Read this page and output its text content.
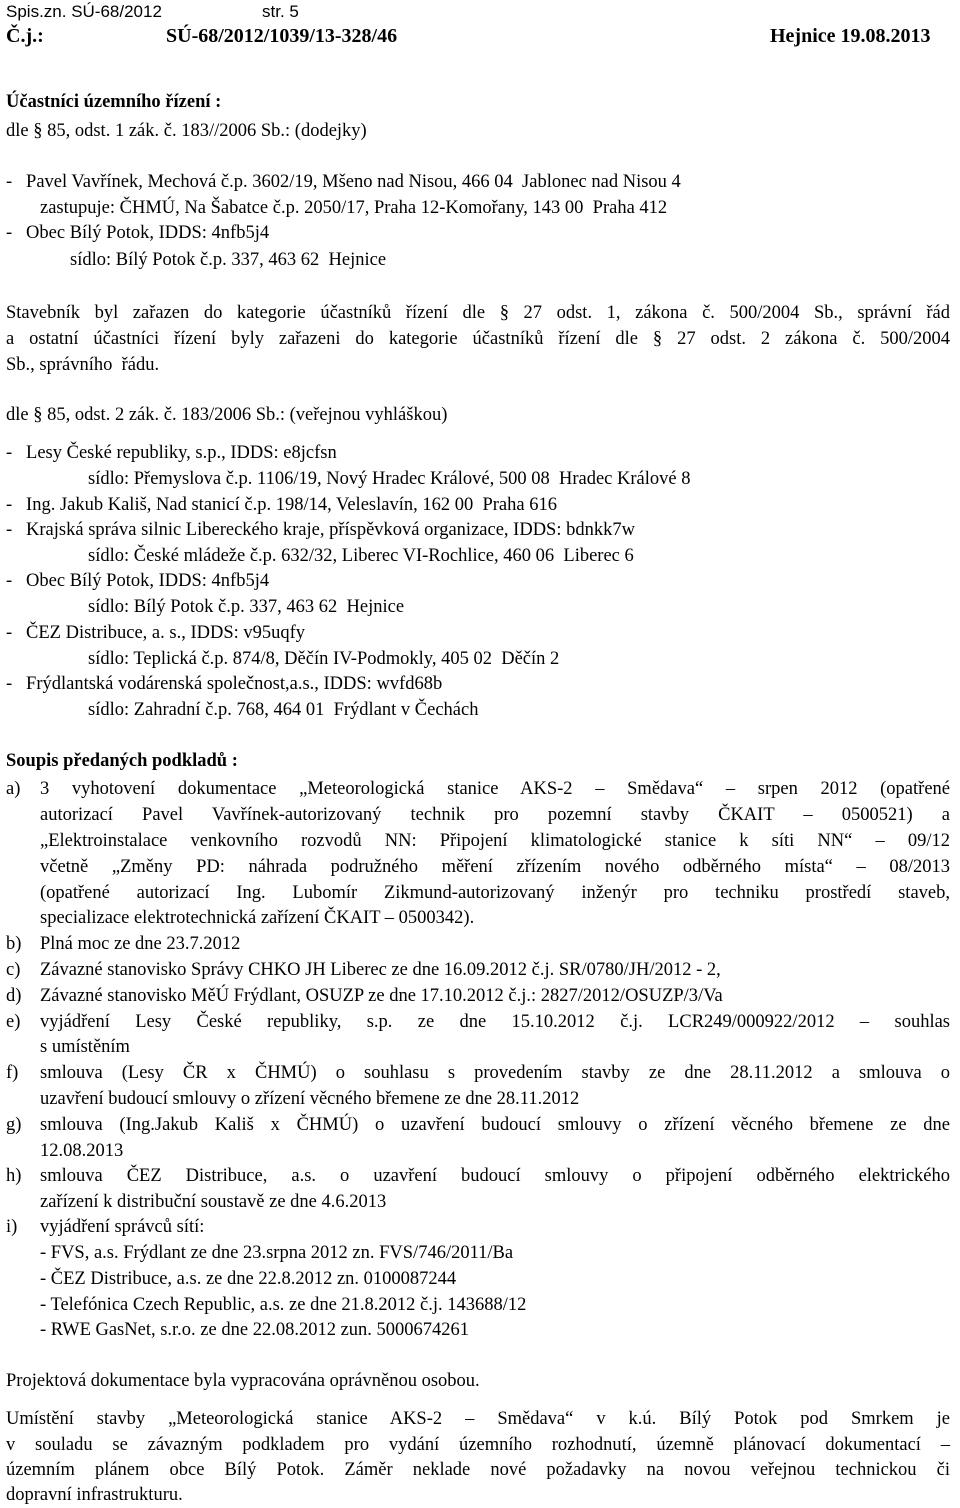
Spis.zn. SÚ-68/2012	str. 5
Č.j.:	SÚ-68/2012/1039/13-328/46	Hejnice 19.08.2013
Účastníci územního řízení :
dle § 85, odst. 1 zák. č. 183//2006 Sb.: (dodejky)
-   Pavel Vavřínek, Mechová č.p. 3602/19, Mšeno nad Nisou, 466 04  Jablonec nad Nisou 4
zastupuje: ČHMÚ, Na Šabatce č.p. 2050/17, Praha 12-Komořany, 143 00  Praha 412
-   Obec Bílý Potok, IDDS: 4nfb5j4
sídlo: Bílý Potok č.p. 337, 463 62  Hejnice
Stavebník byl zařazen do kategorie účastníků řízení dle § 27 odst. 1, zákona č. 500/2004 Sb., správní řád
a ostatní účastníci řízení byly zařazeni do kategorie účastníků řízení dle § 27 odst. 2 zákona č. 500/2004
Sb., správního  řádu.
dle § 85, odst. 2 zák. č. 183/2006 Sb.: (veřejnou vyhláškou)
-   Lesy České republiky, s.p., IDDS: e8jcfsn
sídlo: Přemyslova č.p. 1106/19, Nový Hradec Králové, 500 08  Hradec Králové 8
-   Ing. Jakub Kališ, Nad stanicí č.p. 198/14, Veleslavín, 162 00  Praha 616
-   Krajská správa silnic Libereckého kraje, příspěvková organizace, IDDS: bdnkk7w
sídlo: České mládeže č.p. 632/32, Liberec VI-Rochlice, 460 06  Liberec 6
-   Obec Bílý Potok, IDDS: 4nfb5j4
sídlo: Bílý Potok č.p. 337, 463 62  Hejnice
-   ČEZ Distribuce, a. s., IDDS: v95uqfy
sídlo: Teplická č.p. 874/8, Děčín IV-Podmokly, 405 02  Děčín 2
-   Frýdlantská vodárenská společnost,a.s., IDDS: wvfd68b
sídlo: Zahradní č.p. 768, 464 01  Frýdlant v Čechách
Soupis předaných podkladů :
a) 3 vyhotovení dokumentace „Meteorologická stanice AKS-2 – Smědava“ – srpen 2012 (opatřené
autorizací Pavel Vavřínek-autorizovaný technik pro pozemní stavby ČKAIT – 0500521) a
„Elektroinstalace venkovního rozvodů NN: Připojení klimatologické stanice k síti NN“ – 09/12
včetně „Změny PD: náhrada podružného měření zřízením nového odběrného místa“ – 08/2013
(opatřené autorizací Ing. Lubomír Zikmund-autorizovaný inženýr pro techniku prostředí staveb,
specializace elektrotechnická zařízení ČKAIT – 0500342).
b) Plná moc ze dne 23.7.2012
c) Závazné stanovisko Správy CHKO JH Liberec ze dne 16.09.2012 č.j. SR/0780/JH/2012 - 2,
d) Závazné stanovisko MěÚ Frýdlant, OSUZP ze dne 17.10.2012 č.j.: 2827/2012/OSUZP/3/Va
e) vyjádření Lesy České republiky, s.p. ze dne 15.10.2012 č.j. LCR249/000922/2012 – souhlas
s umístěním
f) smlouva (Lesy ČR x ČHMÚ) o souhlasu s provedením stavby ze dne 28.11.2012 a smlouva o
uzavření budoucí smlouvy o zřízení věcného břemene ze dne 28.11.2012
g) smlouva (Ing.Jakub Kališ x ČHMÚ) o uzavření budoucí smlouvy o zřízení věcného břemene ze dne
12.08.2013
h) smlouva ČEZ Distribuce, a.s. o uzavření budoucí smlouvy o připojení odběrného elektrického
zařízení k distribuční soustavě ze dne 4.6.2013
i) vyjádření správců sítí:
- FVS, a.s. Frýdlant ze dne 23.srpna 2012 zn. FVS/746/2011/Ba
- ČEZ Distribuce, a.s. ze dne 22.8.2012 zn. 0100087244
- Telefónica Czech Republic, a.s. ze dne 21.8.2012 č.j. 143688/12
- RWE GasNet, s.r.o. ze dne 22.08.2012 zun. 5000674261
Projektová dokumentace byla vypracována oprávněnou osobou.
Umístění stavby „Meteorologická stanice AKS-2 – Smědava“ v k.ú. Bílý Potok pod Smrkem je
v souladu se závazným podkladem pro vydání územního rozhodnutí, územně plánovací dokumentací –
územním plánem obce Bílý Potok. Záměr neklade nové požadavky na novou veřejnou technickou či
dopravní infrastrukturu.
